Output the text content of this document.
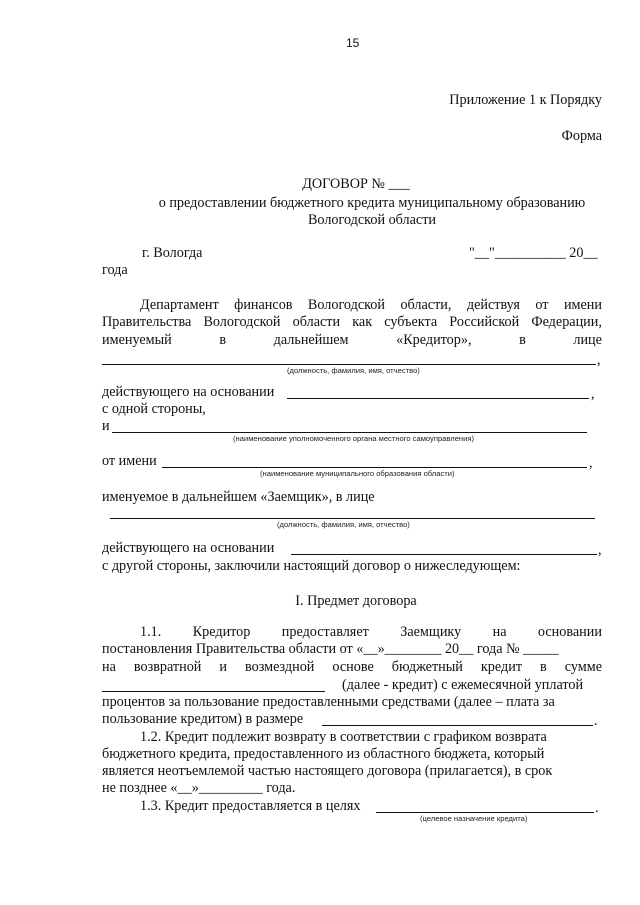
15
Приложение 1 к Порядку
Форма
ДОГОВОР № ___
о предоставлении бюджетного кредита муниципальному образованию
Вологодской области
г. Вологда	"__"__________ 20__
года
Департамент финансов Вологодской области, действуя от имени
Правительства Вологодской области как субъекта Российской Федерации,
именуемый	в	дальнейшем	«Кредитор»,	в	лице
,
(должность, фамилия, имя, отчество)
действующего на основании	,
с одной стороны,
и
(наименование уполномоченного органа местного самоуправления)
от имени	,
(наименование муниципального образования области)
именуемое в дальнейшем «Заемщик», в лице
(должность, фамилия, имя, отчество)
действующего на основании	,
с другой стороны, заключили настоящий договор о нижеследующем:
I. Предмет договора
1.1. Кредитор предоставляет Заемщику на основании
постановления Правительства области от «__»________ 20__ года № _____
на возвратной и возмездной основе бюджетный кредит в сумме
(далее - кредит) с ежемесячной уплатой
процентов за пользование предоставленными средствами (далее – плата за
пользование кредитом) в размере	.
1.2. Кредит подлежит возврату в соответствии с графиком возврата
бюджетного кредита, предоставленного из областного бюджета, который
является неотъемлемой частью настоящего договора (прилагается), в срок
не позднее «__»_________ года.
1.3. Кредит предоставляется в целях	.
(целевое назначение кредита)
